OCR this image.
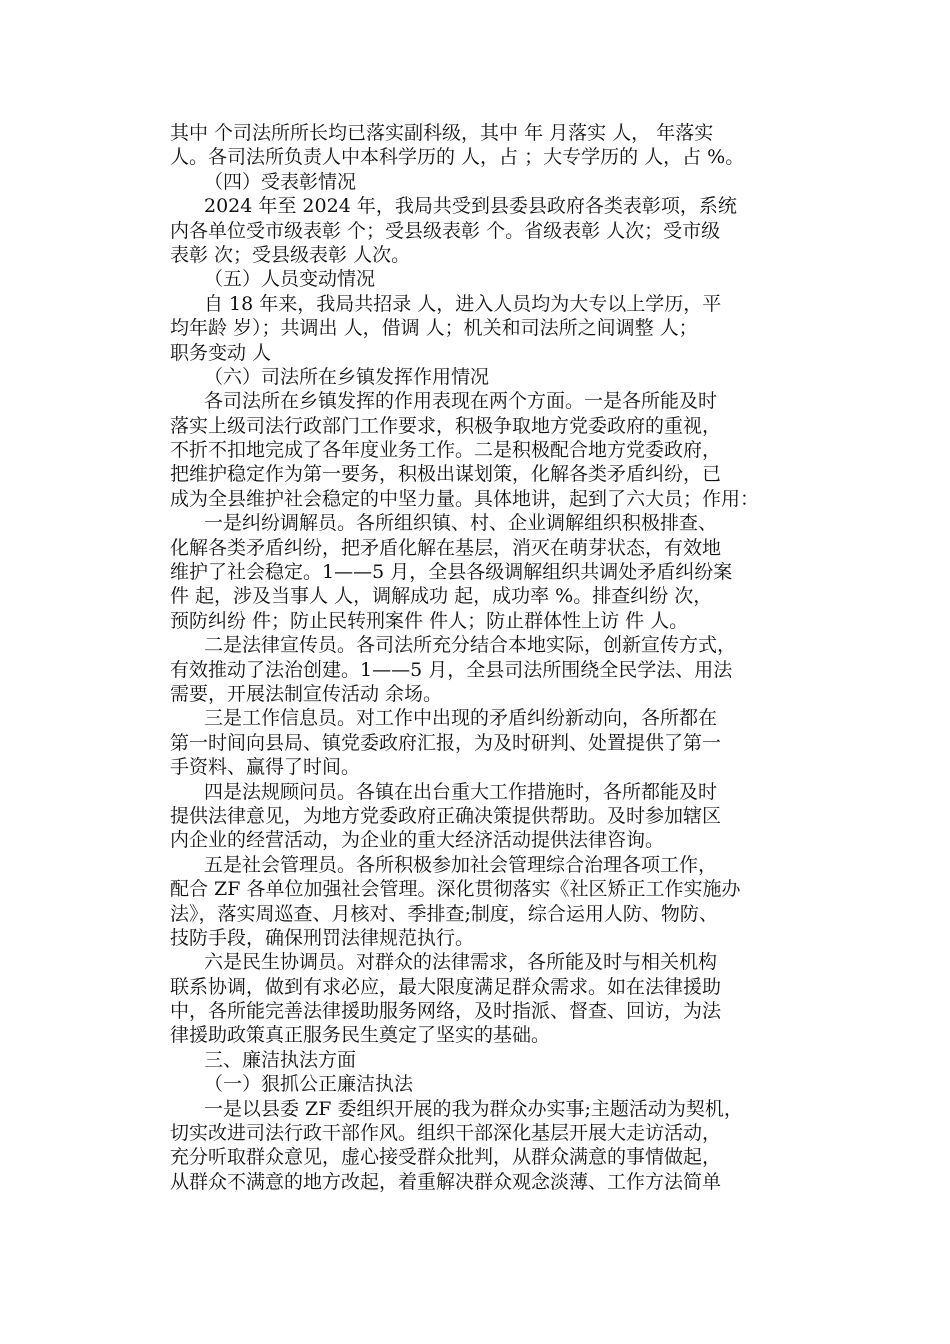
其中 个司法所所长均已落实副科级，其中 年 月落实 人， 年落实
人。各司法所负责人中本科学历的 人，占 ；大专学历的 人，占 %。
（四）受表彰情况
2024 年至 2024 年，我局共受到县委县政府各类表彰项，系统
内各单位受市级表彰 个；受县级表彰 个。省级表彰 人次；受市级
表彰 次；受县级表彰 人次。
（五）人员变动情况
自 18 年来，我局共招录 人，进入人员均为大专以上学历，平
均年龄 岁）；共调出 人，借调 人；机关和司法所之间调整 人；
职务变动 人
（六）司法所在乡镇发挥作用情况
各司法所在乡镇发挥的作用表现在两个方面。一是各所能及时
落实上级司法行政部门工作要求，积极争取地方党委政府的重视，
不折不扣地完成了各年度业务工作。二是积极配合地方党委政府，
把维护稳定作为第一要务，积极出谋划策，化解各类矛盾纠纷，已
成为全县维护社会稳定的中坚力量。具体地讲，起到了六大员；作用：
一是纠纷调解员。各所组织镇、村、企业调解组织积极排查、
化解各类矛盾纠纷，把矛盾化解在基层，消灭在萌芽状态，有效地
维护了社会稳定。1——5 月，全县各级调解组织共调处矛盾纠纷案
件 起，涉及当事人 人，调解成功 起，成功率 %。排查纠纷 次，
预防纠纷 件；防止民转刑案件 件人；防止群体性上访 件 人。
二是法律宣传员。各司法所充分结合本地实际，创新宣传方式，
有效推动了法治创建。1——5 月，全县司法所围绕全民学法、用法
需要，开展法制宣传活动 余场。
三是工作信息员。对工作中出现的矛盾纠纷新动向，各所都在
第一时间向县局、镇党委政府汇报，为及时研判、处置提供了第一
手资料、赢得了时间。
四是法规顾问员。各镇在出台重大工作措施时，各所都能及时
提供法律意见，为地方党委政府正确决策提供帮助。及时参加辖区
内企业的经营活动，为企业的重大经济活动提供法律咨询。
五是社会管理员。各所积极参加社会管理综合治理各项工作，
配合 ZF 各单位加强社会管理。深化贯彻落实《社区矫正工作实施办
法》，落实周巡查、月核对、季排查;制度，综合运用人防、物防、
技防手段，确保刑罚法律规范执行。
六是民生协调员。对群众的法律需求，各所能及时与相关机构
联系协调，做到有求必应，最大限度满足群众需求。如在法律援助
中，各所能完善法律援助服务网络，及时指派、督查、回访，为法
律援助政策真正服务民生奠定了坚实的基础。
三、廉洁执法方面
（一）狠抓公正廉洁执法
一是以县委 ZF 委组织开展的我为群众办实事;主题活动为契机，
切实改进司法行政干部作风。组织干部深化基层开展大走访活动，
充分听取群众意见，虚心接受群众批判，从群众满意的事情做起，
从群众不满意的地方改起，着重解决群众观念淡薄、工作方法简单
